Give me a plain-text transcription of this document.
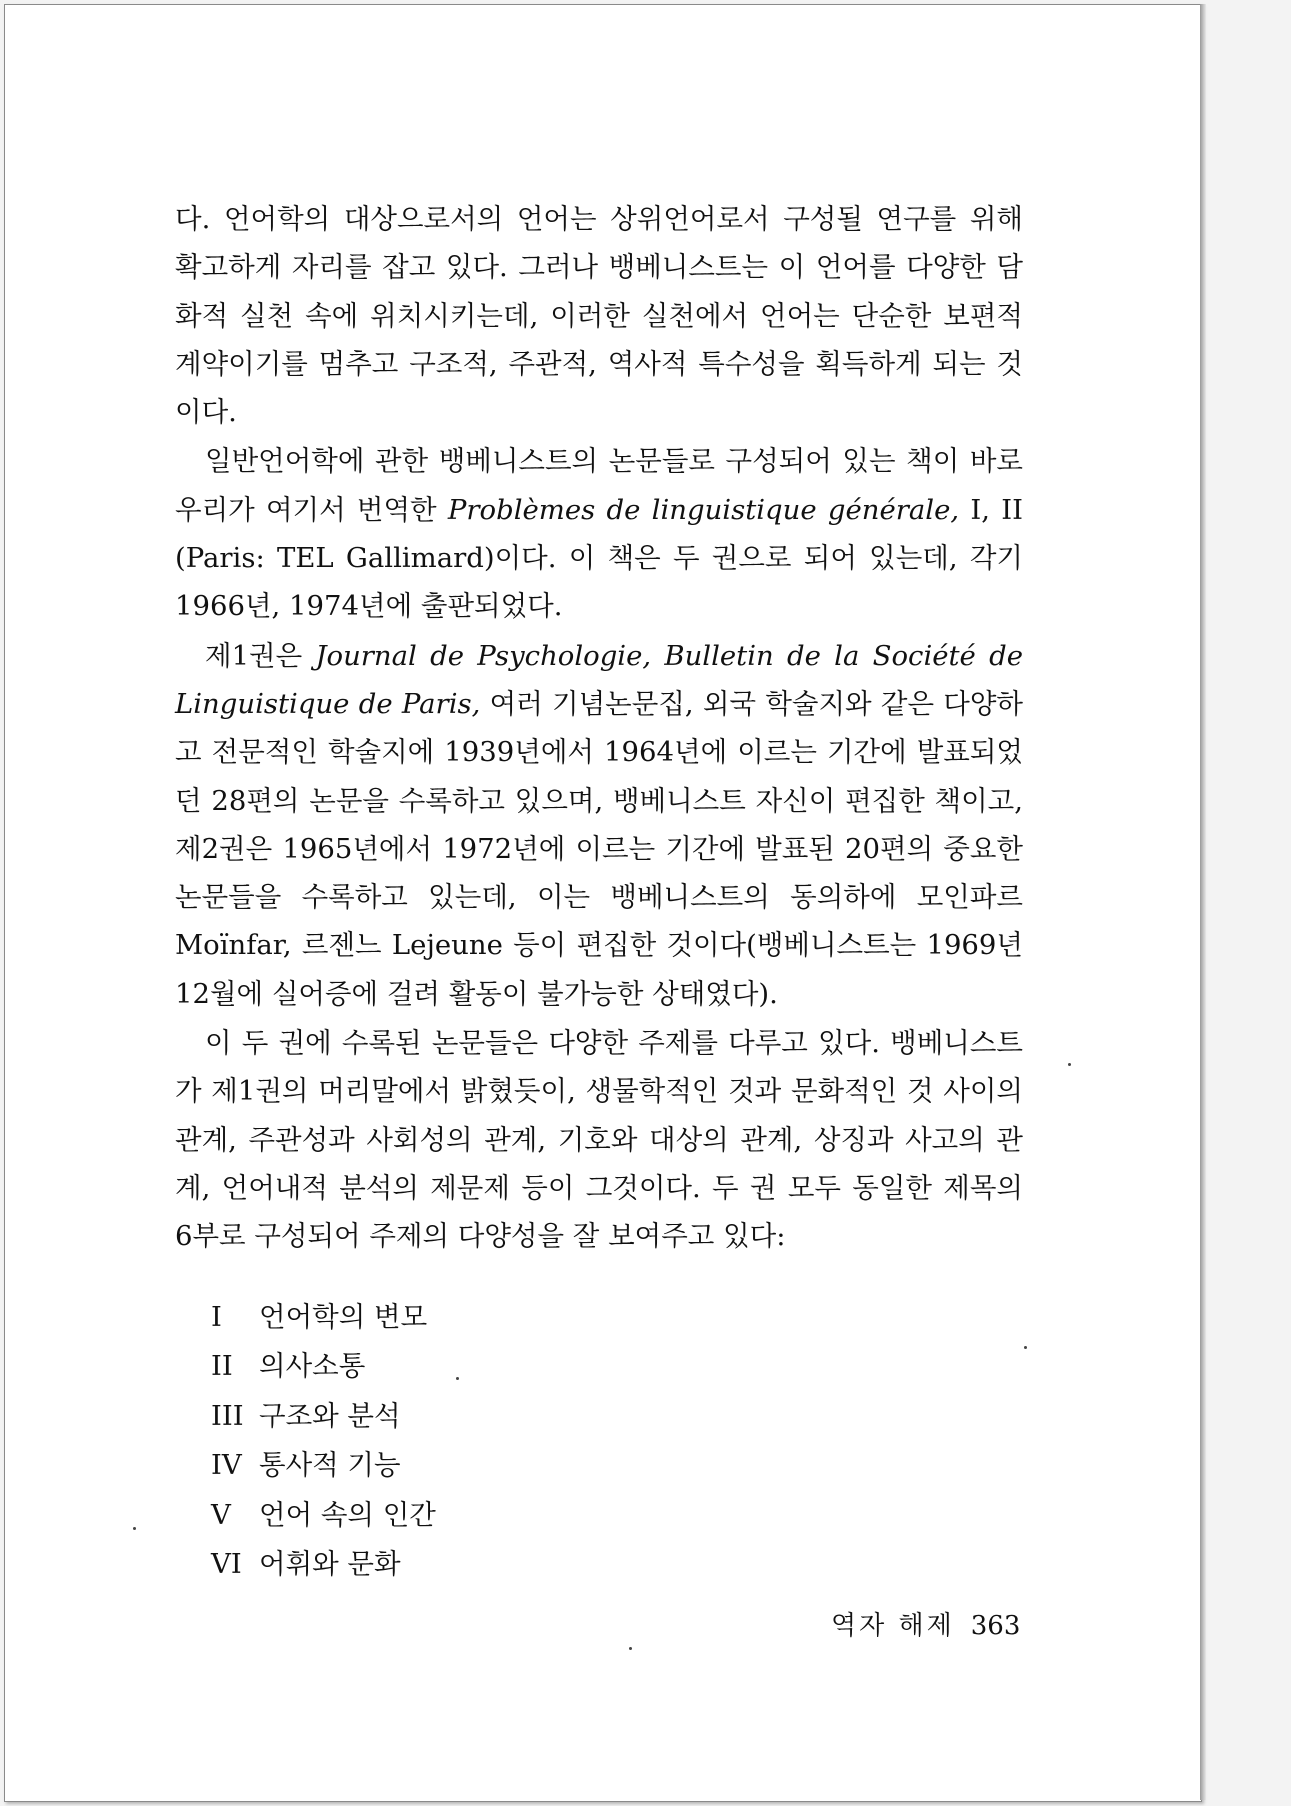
다. 언어학의 대상으로서의 언어는 상위언어로서 구성될 연구를 위해 확고하게 자리를 잡고 있다. 그러나 뱅베니스트는 이 언어를 다양한 담화적 실천 속에 위치시키는데, 이러한 실천에서 언어는 단순한 보편적 계약이기를 멈추고 구조적, 주관적, 역사적 특수성을 획득하게 되는 것이다.

일반언어학에 관한 뱅베니스트의 논문들로 구성되어 있는 책이 바로 우리가 여기서 번역한 Problèmes de linguistique générale, I, II (Paris: TEL Gallimard)이다. 이 책은 두 권으로 되어 있는데, 각기 1966년, 1974년에 출판되었다.

제1권은 Journal de Psychologie, Bulletin de la Société de Linguistique de Paris, 여러 기념논문집, 외국 학술지와 같은 다양하고 전문적인 학술지에 1939년에서 1964년에 이르는 기간에 발표되었던 28편의 논문을 수록하고 있으며, 뱅베니스트 자신이 편집한 책이고, 제2권은 1965년에서 1972년에 이르는 기간에 발표된 20편의 중요한 논문들을 수록하고 있는데, 이는 뱅베니스트의 동의하에 모인파르 Moïnfar, 르젠느 Lejeune 등이 편집한 것이다(뱅베니스트는 1969년 12월에 실어증에 걸려 활동이 불가능한 상태였다).

이 두 권에 수록된 논문들은 다양한 주제를 다루고 있다. 뱅베니스트가 제1권의 머리말에서 밝혔듯이, 생물학적인 것과 문화적인 것 사이의 관계, 주관성과 사회성의 관계, 기호와 대상의 관계, 상징과 사고의 관계, 언어내적 분석의 제문제 등이 그것이다. 두 권 모두 동일한 제목의 6부로 구성되어 주제의 다양성을 잘 보여주고 있다:

I 언어학의 변모
II 의사소통
III 구조와 분석
IV 통사적 기능
V 언어 속의 인간
VI 어휘와 문화
역자 해제 363
